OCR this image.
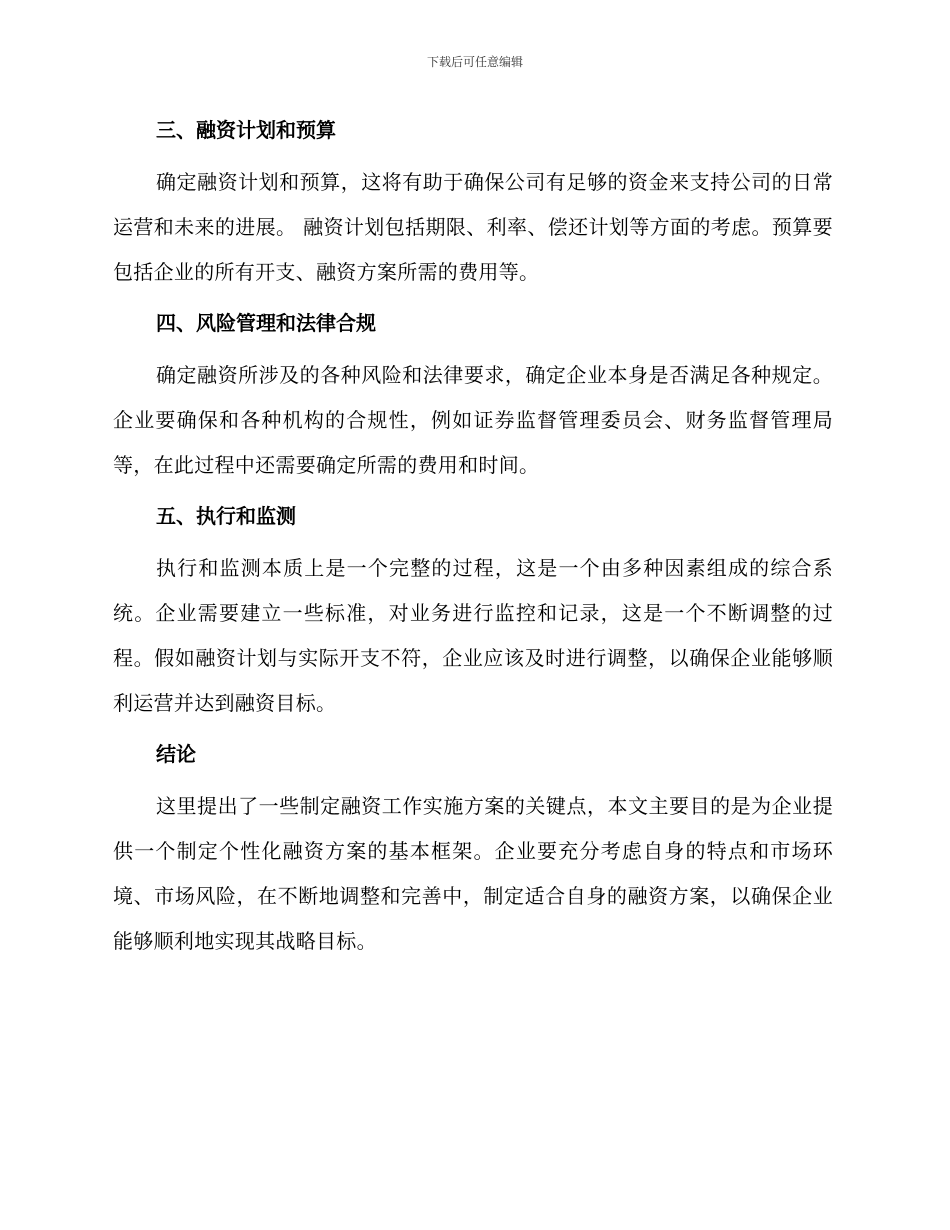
下载后可任意编辑
三、融资计划和预算

确定融资计划和预算，这将有助于确保公司有足够的资金来支持公司的日常运营和未来的进展。 融资计划包括期限、利率、偿还计划等方面的考虑。预算要包括企业的所有开支、融资方案所需的费用等。

四、风险管理和法律合规

确定融资所涉及的各种风险和法律要求，确定企业本身是否满足各种规定。企业要确保和各种机构的合规性，例如证券监督管理委员会、财务监督管理局等，在此过程中还需要确定所需的费用和时间。

五、执行和监测

执行和监测本质上是一个完整的过程，这是一个由多种因素组成的综合系统。企业需要建立一些标准，对业务进行监控和记录，这是一个不断调整的过程。假如融资计划与实际开支不符，企业应该及时进行调整，以确保企业能够顺利运营并达到融资目标。

结论

这里提出了一些制定融资工作实施方案的关键点，本文主要目的是为企业提供一个制定个性化融资方案的基本框架。企业要充分考虑自身的特点和市场环境、市场风险，在不断地调整和完善中，制定适合自身的融资方案，以确保企业能够顺利地实现其战略目标。
